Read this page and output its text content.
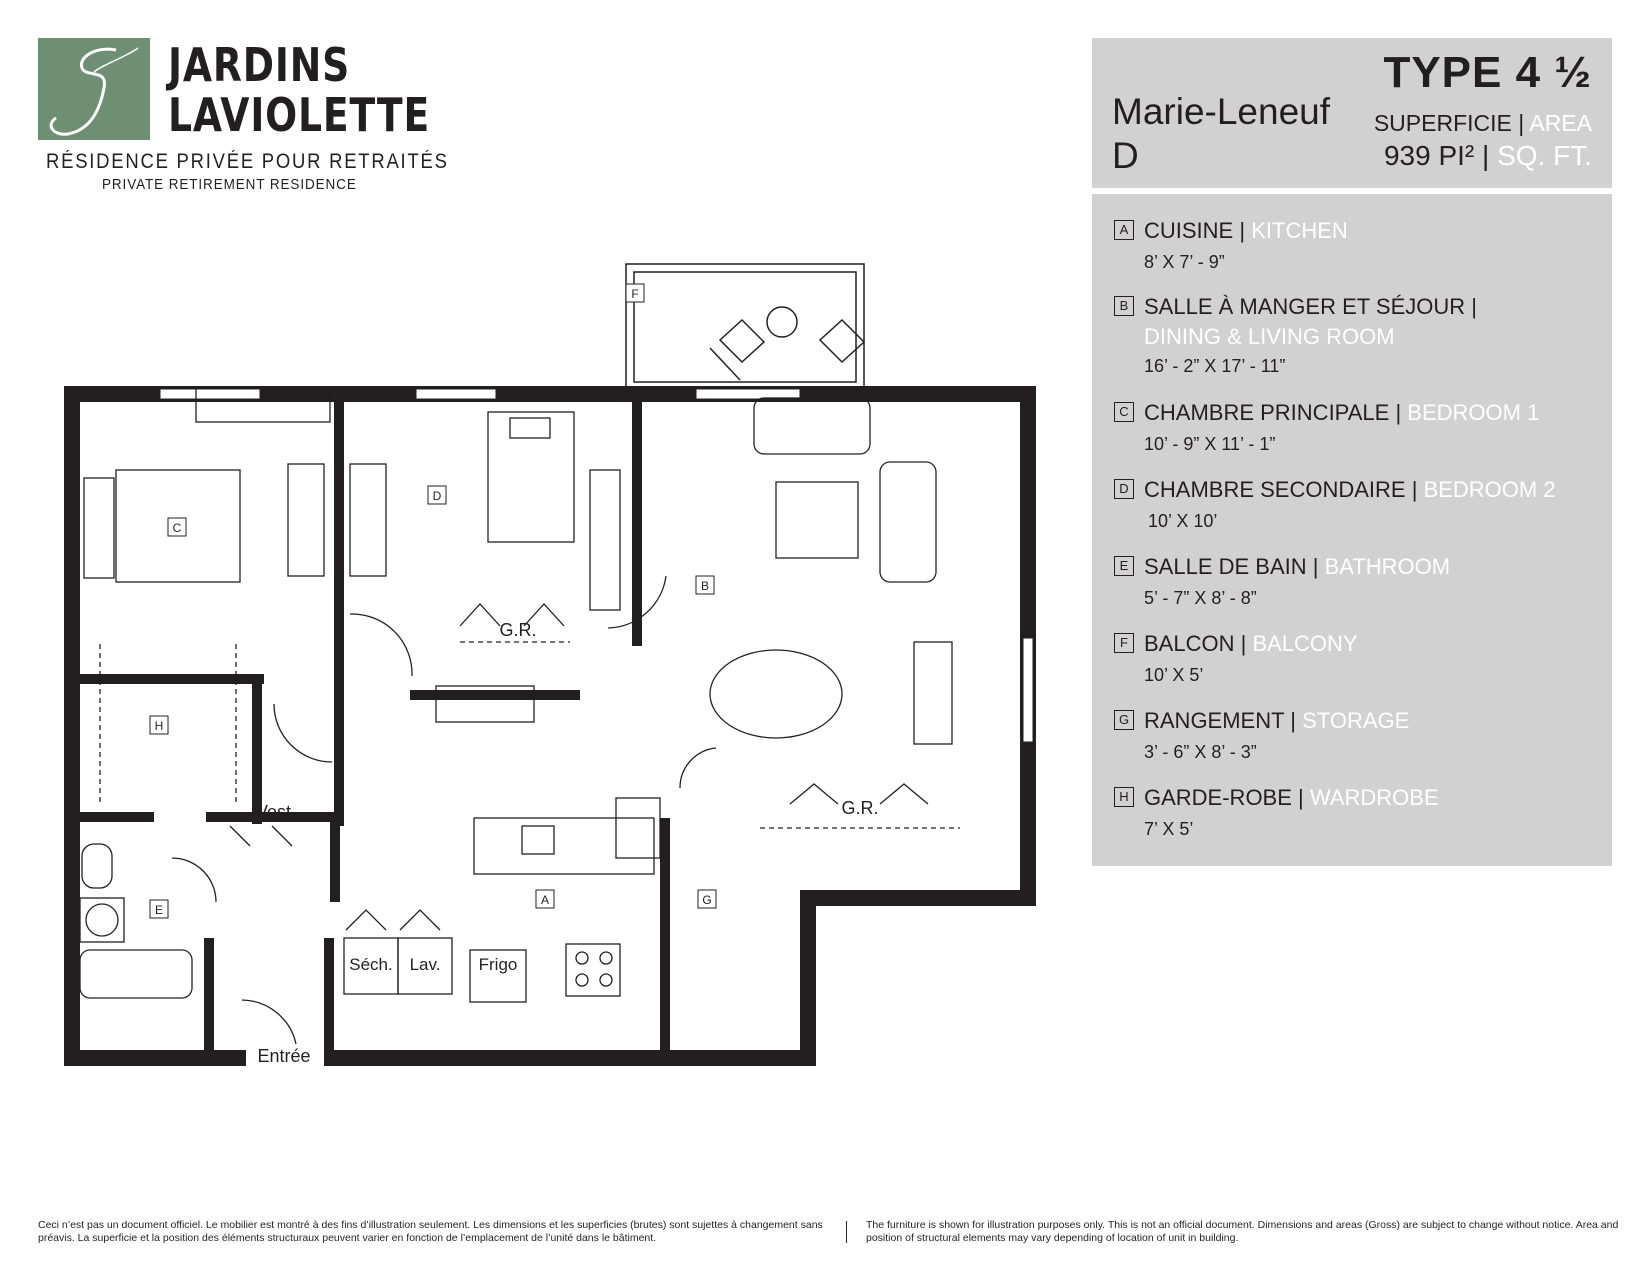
JARDINS
LAVIOLETTE
RÉSIDENCE PRIVÉE POUR RETRAITÉS
PRIVATE RETIREMENT RESIDENCE
Marie-Leneuf
D
TYPE 4 ½
SUPERFICIE | AREA
939 PI² | SQ. FT.
A CUISINE | KITCHEN
8’ X 7’ - 9”
B SALLE À MANGER ET SÉJOUR |
DINING & LIVING ROOM
16’ - 2” X 17’ - 11”
C CHAMBRE PRINCIPALE | BEDROOM 1
10’ - 9” X 11’ - 1”
D CHAMBRE SECONDAIRE | BEDROOM 2
10’ X 10’
E SALLE DE BAIN | BATHROOM
5’ - 7” X 8’ - 8”
F BALCON | BALCONY
10’ X 5’
G RANGEMENT | STORAGE
3’ - 6” X 8’ - 3”
H GARDE-ROBE | WARDROBE
7’ X 5’
C
D
F
B
H
E
A	G
G.R.
G.R.
Vest.
Séch. Lav. Frigo
Entrée
Ceci n’est pas un document officiel. Le mobilier est montré à des fins d’illustration seulement. Les dimensions et les superficies (brutes) sont sujettes à changement sans préavis. La superficie et la position des éléments structuraux peuvent varier en fonction de l’emplacement de l’unité dans le bâtiment.
The furniture is shown for illustration purposes only. This is not an official document. Dimensions and areas (Gross) are subject to change without notice. Area and position of structural elements may vary depending of location of unit in building.
